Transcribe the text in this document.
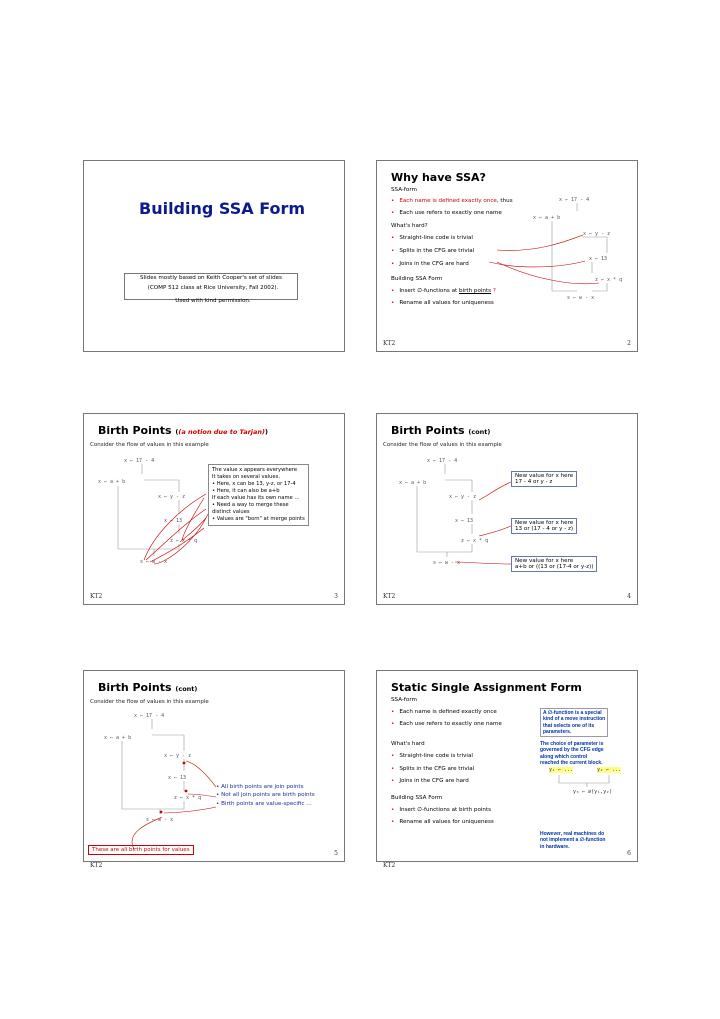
Building SSA Form
Slides mostly based on Keith Cooper's set of slides
(COMP 512 class at Rice University, Fall 2002).
Used with kind permission.
Why have SSA?
SSA-form
• Each name is defined exactly once, thus
• Each use refers to exactly one name
What's hard?
• Straight-line code is trivial
• Splits in the CFG are trivial
• Joins in the CFG are hard
Building SSA Form
• Insert ∅-functions at birth points ?
• Rename all values for uniqueness
x ← 17 - 4
x ← a + b
x ← y - z
x ← 13
z ← x * q
s ← w - x
KT2	2
Birth Points ((a notion due to Tarjan))
Consider the flow of values in this example
x ← 17 - 4
x ← a + b
x ← y - z
x ← 13
z ← x * q
s ← w - x
The value x appears everywhere
It takes on several values.
• Here, x can be 13, y-z, or 17-4
• Here, it can also be a+b
If each value has its own name …
• Need a way to merge these
distinct values
• Values are "born" at merge points
KT2	3
Birth Points (cont)
Consider the flow of values in this example
x ← 17 - 4
x ← a + b
x ← y - z
x ← 13
z ← x * q
s ← w - x
New value for x here
17 - 4 or y - z
New value for x here
13 or (17 - 4 or y - z)
New value for x here
a+b or ((13 or (17-4 or y-z))
KT2	4
Birth Points (cont)
Consider the flow of values in this example
x ← 17 - 4
x ← a + b
x ← y - z
x ← 13
z ← x * q
s ← w - x
• All birth points are join points
• Not all join points are birth points
• Birth points are value-specific …
These are all birth points for values	5
KT2
Static Single Assignment Form
SSA-form
• Each name is defined exactly once
• Each use refers to exactly one name
What's hard
• Straight-line code is trivial
• Splits in the CFG are trivial
• Joins in the CFG are hard
Building SSA Form
• Insert ∅-functions at birth points
• Rename all values for uniqueness
A ∅-function is a special
kind of a move instruction
that selects one of its
parameters.
The choice of parameter is
governed by the CFG edge
along which control
reached the current block.
y₁ ← ...	y₂ ← ...
y₃ ← ∅(y₁,y₂)
However, real machines do
not implement a ∅-function
in hardware.
6
KT2
